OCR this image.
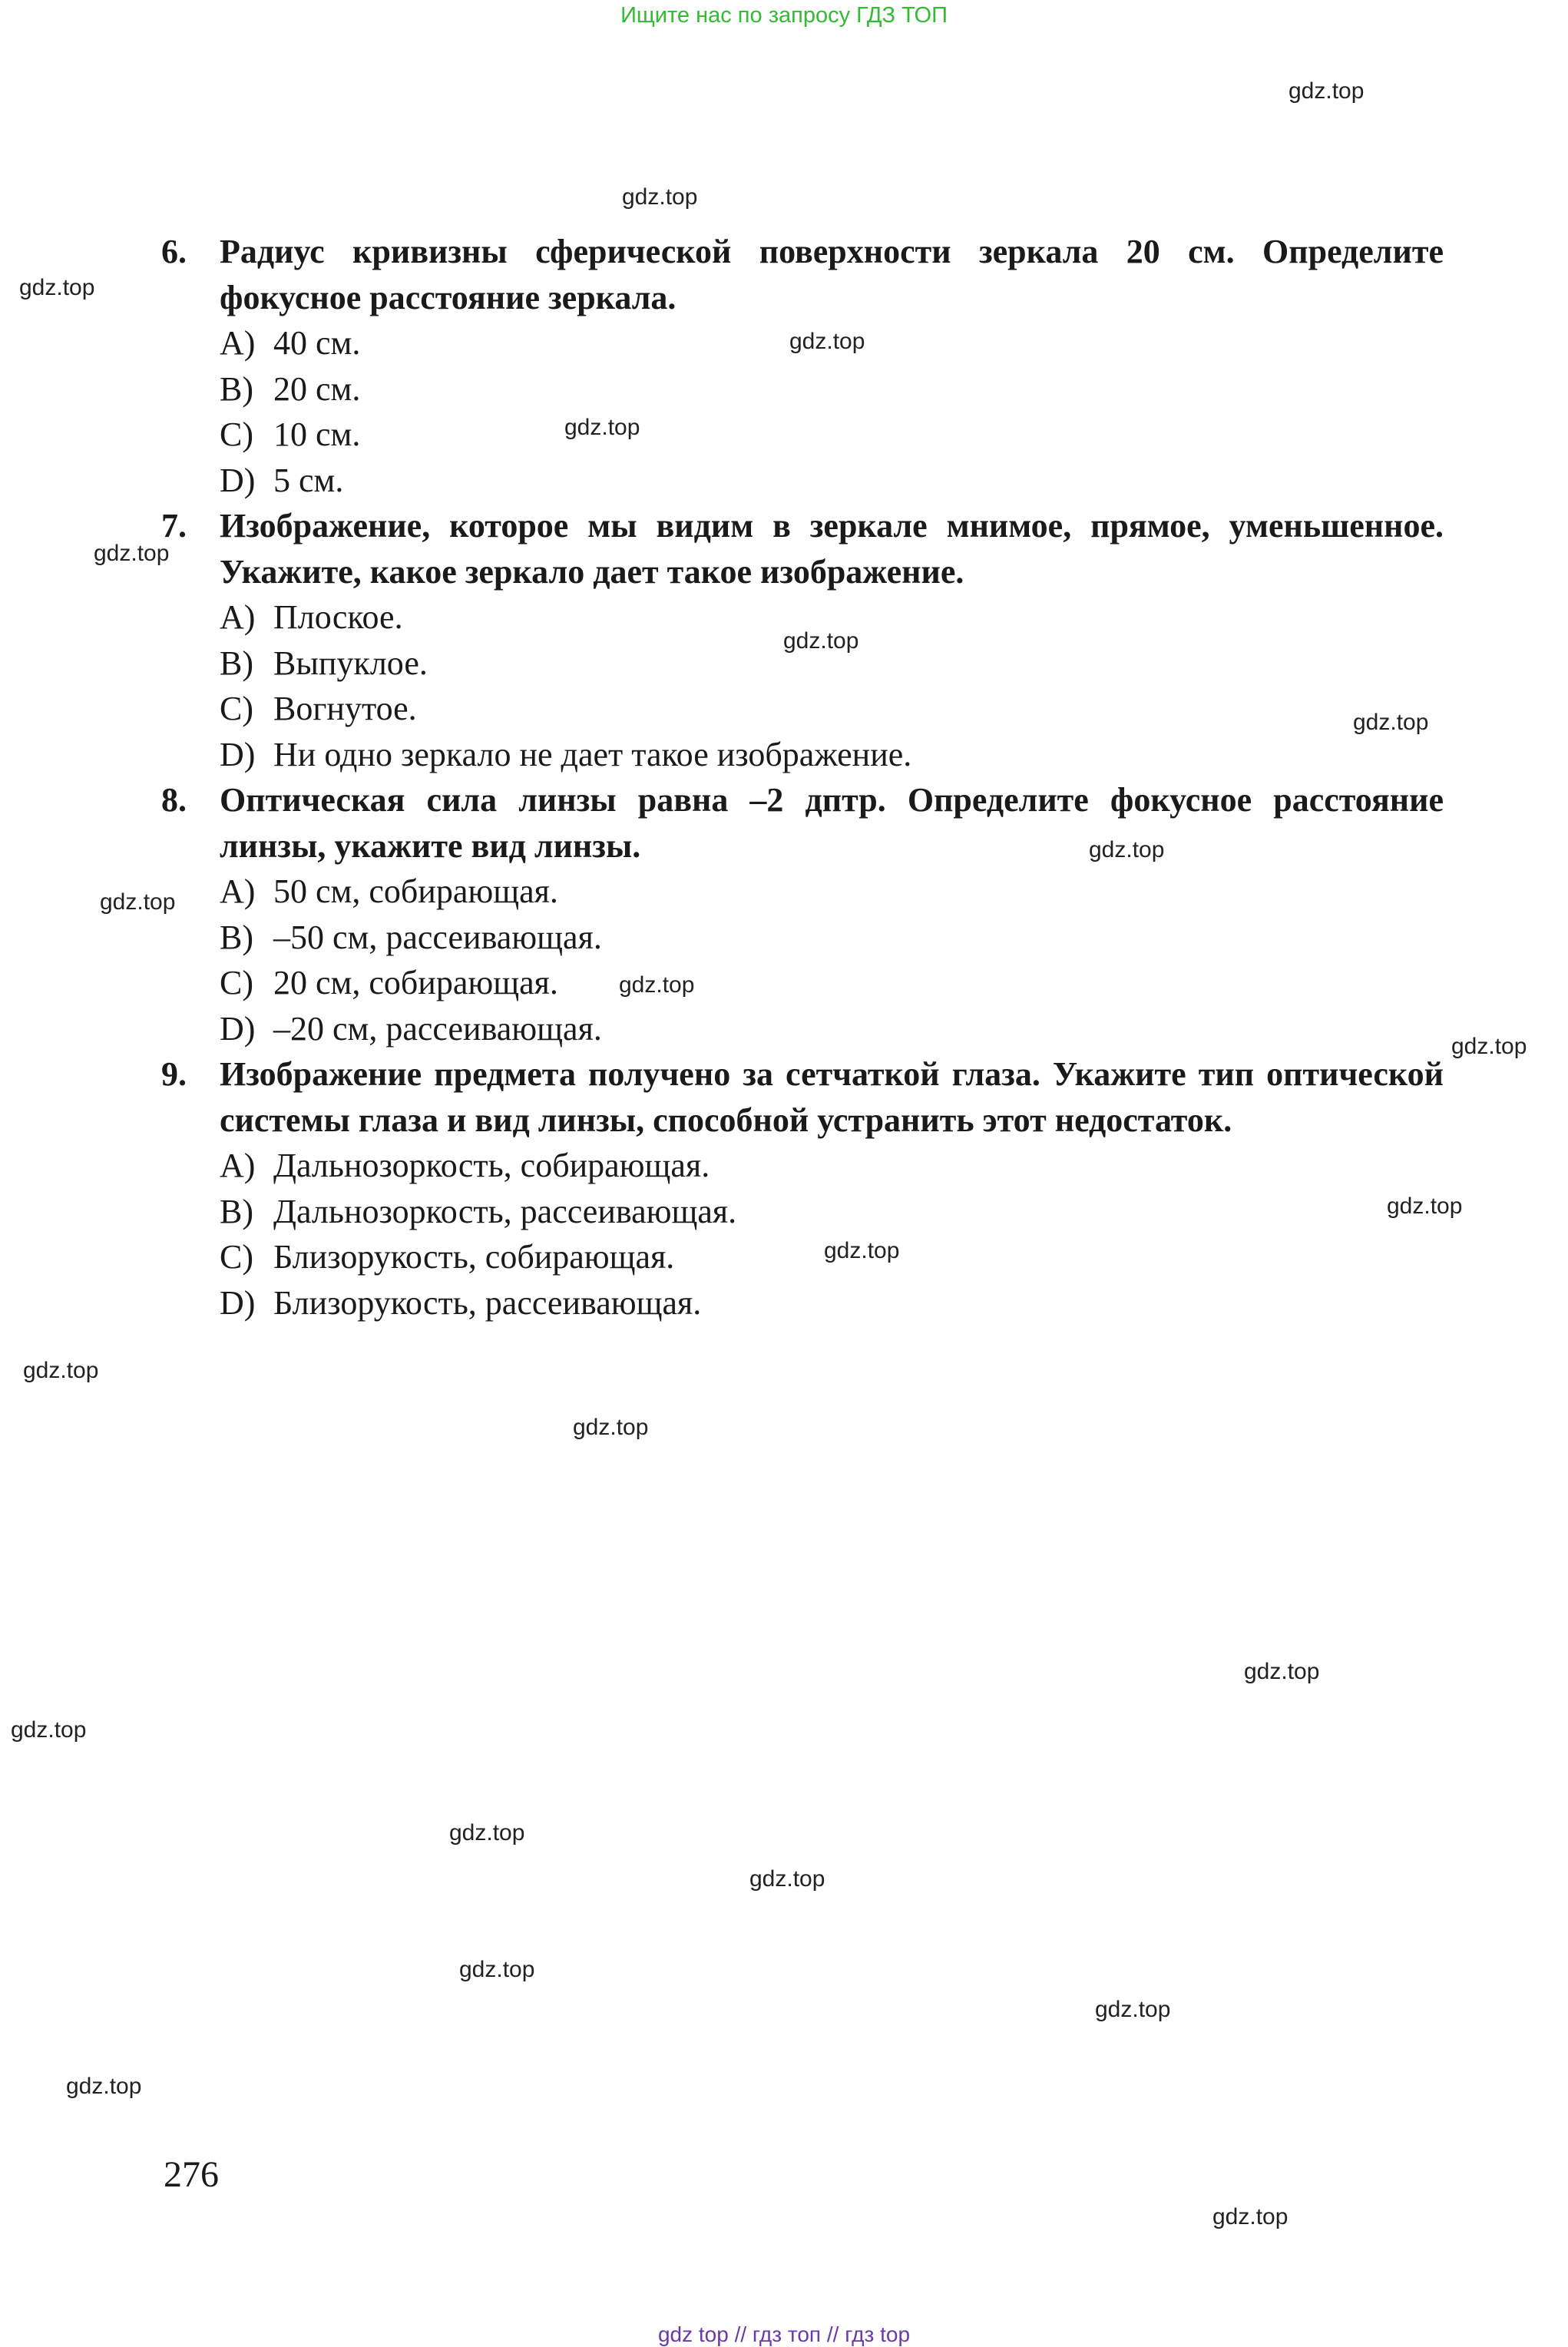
Ищите нас по запросу ГДЗ ТОП
gdz.top
gdz.top
gdz.top
gdz.top
gdz.top
gdz.top
gdz.top
gdz.top
gdz.top
gdz.top
gdz.top
gdz.top
gdz.top
gdz.top
gdz.top
gdz.top
gdz.top
gdz.top
gdz.top
gdz.top
gdz.top
gdz.top
gdz.top
gdz.top
6. Радиус кривизны сферической поверхности зеркала 20 см. Определите фокусное расстояние зеркала.
A) 40 см.
B) 20 см.
C) 10 см.
D) 5 см.
7. Изображение, которое мы видим в зеркале мнимое, прямое, уменьшенное. Укажите, какое зеркало дает такое изображение.
A) Плоское.
B) Выпуклое.
C) Вогнутое.
D) Ни одно зеркало не дает такое изображение.
8. Оптическая сила линзы равна –2 дптр. Определите фокусное расстояние линзы, укажите вид линзы.
A) 50 см, собирающая.
B) –50 см, рассеивающая.
C) 20 см, собирающая.
D) –20 см, рассеивающая.
9. Изображение предмета получено за сетчаткой глаза. Укажите тип оптической системы глаза и вид линзы, способной устранить этот недостаток.
A) Дальнозоркость, собирающая.
B) Дальнозоркость, рассеивающая.
C) Близорукость, собирающая.
D) Близорукость, рассеивающая.
276
gdz top // гдз топ // гдз top
